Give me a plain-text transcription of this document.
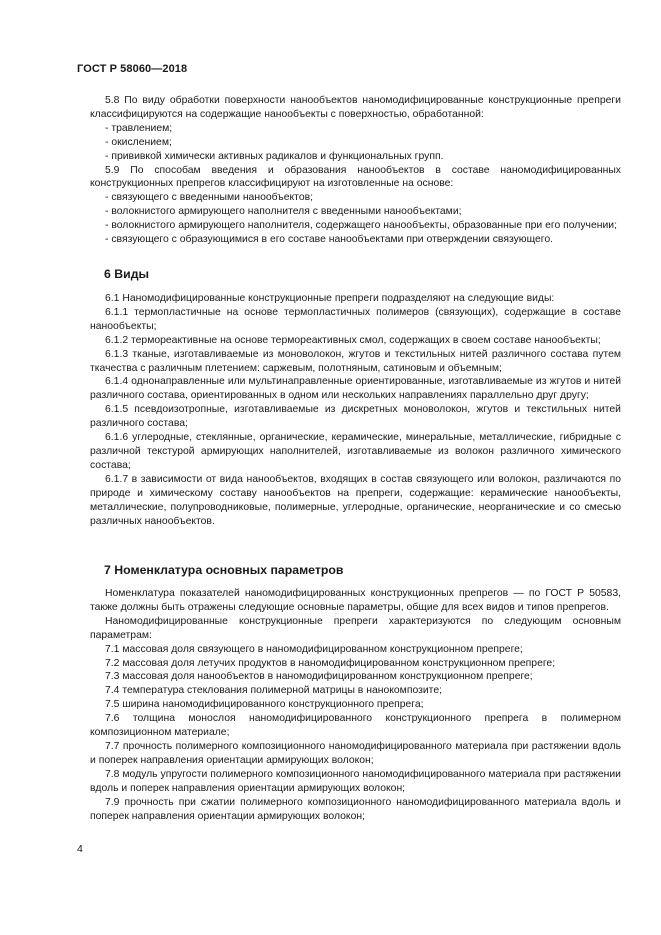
ГОСТ Р 58060—2018

5.8 По виду обработки поверхности нанообъектов наномодифицированные конструкционные препреги классифицируются на содержащие нанообъекты с поверхностью, обработанной:

- травлением;

- окислением;

- прививкой химически активных радикалов и функциональных групп.

5.9 По способам введения и образования нанообъектов в составе наномодифицированных конструкционных препрегов классифицируют на изготовленные на основе:

- связующего с введенными нанообъектов;

- волокнистого армирующего наполнителя с введенными нанообъектами;

- волокнистого армирующего наполнителя, содержащего нанообъекты, образованные при его получении;

- связующего с образующимися в его составе нанообъектами при отверждении связующего.

6 Виды

6.1 Наномодифицированные конструкционные препреги подразделяют на следующие виды:

6.1.1 термопластичные на основе термопластичных полимеров (связующих), содержащие в составе нанообъекты;

6.1.2 термореактивные на основе термореактивных смол, содержащих в своем составе нанообъекты;

6.1.3 тканые, изготавливаемые из моноволокон, жгутов и текстильных нитей различного состава путем ткачества с различным плетением: саржевым, полотняным, сатиновым и объемным;

6.1.4 однонаправленные или мультинаправленные ориентированные, изготавливаемые из жгутов и нитей различного состава, ориентированных в одном или нескольких направлениях параллельно друг другу;

6.1.5 псевдоизотропные, изготавливаемые из дискретных моноволокон, жгутов и текстильных нитей различного состава;

6.1.6 углеродные, стеклянные, органические, керамические, минеральные, металлические, гибридные с различной текстурой армирующих наполнителей, изготавливаемые из волокон различного химического состава;

6.1.7 в зависимости от вида нанообъектов, входящих в состав связующего или волокон, различаются по природе и химическому составу нанообъектов на препреги, содержащие: керамические нанообъекты, металлические, полупроводниковые, полимерные, углеродные, органические, неорганические и со смесью различных нанообъектов.

7 Номенклатура основных параметров

Номенклатура показателей наномодифицированных конструкционных препрегов — по ГОСТ Р 50583, также должны быть отражены следующие основные параметры, общие для всех видов и типов препрегов.

Наномодифицированные конструкционные препреги характеризуются по следующим основным параметрам:

7.1 массовая доля связующего в наномодифицированном конструкционном препреге;

7.2 массовая доля летучих продуктов в наномодифицированном конструкционном препреге;

7.3 массовая доля нанообъектов в наномодифицированном конструкционном препреге;

7.4 температура стеклования полимерной матрицы в нанокомпозите;

7.5 ширина наномодифицированного конструкционного препрега;

7.6 толщина монослоя наномодифицированного конструкционного препрега в полимерном композиционном материале;

7.7 прочность полимерного композиционного наномодифицированного материала при растяжении вдоль и поперек направления ориентации армирующих волокон;

7.8 модуль упругости полимерного композиционного наномодифицированного материала при растяжении вдоль и поперек направления ориентации армирующих волокон;

7.9 прочность при сжатии полимерного композиционного наномодифицированного материала вдоль и поперек направления ориентации армирующих волокон;

4
